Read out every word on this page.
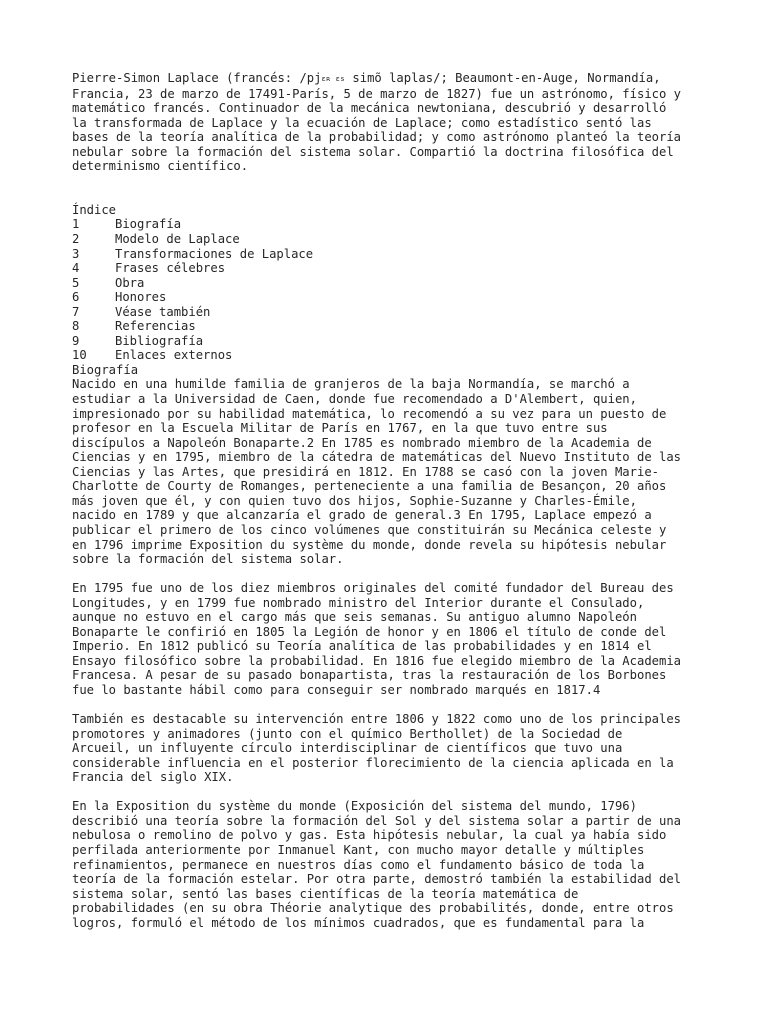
Pierre-Simon Laplace (francés: /pjɛʀ ɛs simõ laplas/; Beaumont-en-Auge, Normandía,
Francia, 23 de marzo de 17491-París, 5 de marzo de 1827) fue un astrónomo, físico y
matemático francés. Continuador de la mecánica newtoniana, descubrió y desarrolló
la transformada de Laplace y la ecuación de Laplace; como estadístico sentó las
bases de la teoría analítica de la probabilidad; y como astrónomo planteó la teoría
nebular sobre la formación del sistema solar. Compartió la doctrina filosófica del
determinismo científico.

Índice
1	Biografía
2	Modelo de Laplace
3	Transformaciones de Laplace
4	Frases célebres
5	Obra
6	Honores
7	Véase también
8	Referencias
9	Bibliografía
10	Enlaces externos
Biografía

Nacido en una humilde familia de granjeros de la baja Normandía, se marchó a
estudiar a la Universidad de Caen, donde fue recomendado a D'Alembert, quien,
impresionado por su habilidad matemática, lo recomendó a su vez para un puesto de
profesor en la Escuela Militar de París en 1767, en la que tuvo entre sus
discípulos a Napoleón Bonaparte.2 En 1785 es nombrado miembro de la Academia de
Ciencias y en 1795, miembro de la cátedra de matemáticas del Nuevo Instituto de las
Ciencias y las Artes, que presidirá en 1812. En 1788 se casó con la joven Marie-
Charlotte de Courty de Romanges, perteneciente a una familia de Besançon, 20 años
más joven que él, y con quien tuvo dos hijos, Sophie-Suzanne y Charles-Émile,
nacido en 1789 y que alcanzaría el grado de general.3 En 1795, Laplace empezó a
publicar el primero de los cinco volúmenes que constituirán su Mecánica celeste y
en 1796 imprime Exposition du système du monde, donde revela su hipótesis nebular
sobre la formación del sistema solar.

En 1795 fue uno de los diez miembros originales del comité fundador del Bureau des
Longitudes, y en 1799 fue nombrado ministro del Interior durante el Consulado,
aunque no estuvo en el cargo más que seis semanas. Su antiguo alumno Napoleón
Bonaparte le confirió en 1805 la Legión de honor y en 1806 el título de conde del
Imperio. En 1812 publicó su Teoría analítica de las probabilidades y en 1814 el
Ensayo filosófico sobre la probabilidad. En 1816 fue elegido miembro de la Academia
Francesa. A pesar de su pasado bonapartista, tras la restauración de los Borbones
fue lo bastante hábil como para conseguir ser nombrado marqués en 1817.4

También es destacable su intervención entre 1806 y 1822 como uno de los principales
promotores y animadores (junto con el químico Berthollet) de la Sociedad de
Arcueil, un influyente círculo interdisciplinar de científicos que tuvo una
considerable influencia en el posterior florecimiento de la ciencia aplicada en la
Francia del siglo XIX.

En la Exposition du système du monde (Exposición del sistema del mundo, 1796)
describió una teoría sobre la formación del Sol y del sistema solar a partir de una
nebulosa o remolino de polvo y gas. Esta hipótesis nebular, la cual ya había sido
perfilada anteriormente por Inmanuel Kant, con mucho mayor detalle y múltiples
refinamientos, permanece en nuestros días como el fundamento básico de toda la
teoría de la formación estelar. Por otra parte, demostró también la estabilidad del
sistema solar, sentó las bases científicas de la teoría matemática de
probabilidades (en su obra Théorie analytique des probabilités, donde, entre otros
logros, formuló el método de los mínimos cuadrados, que es fundamental para la
